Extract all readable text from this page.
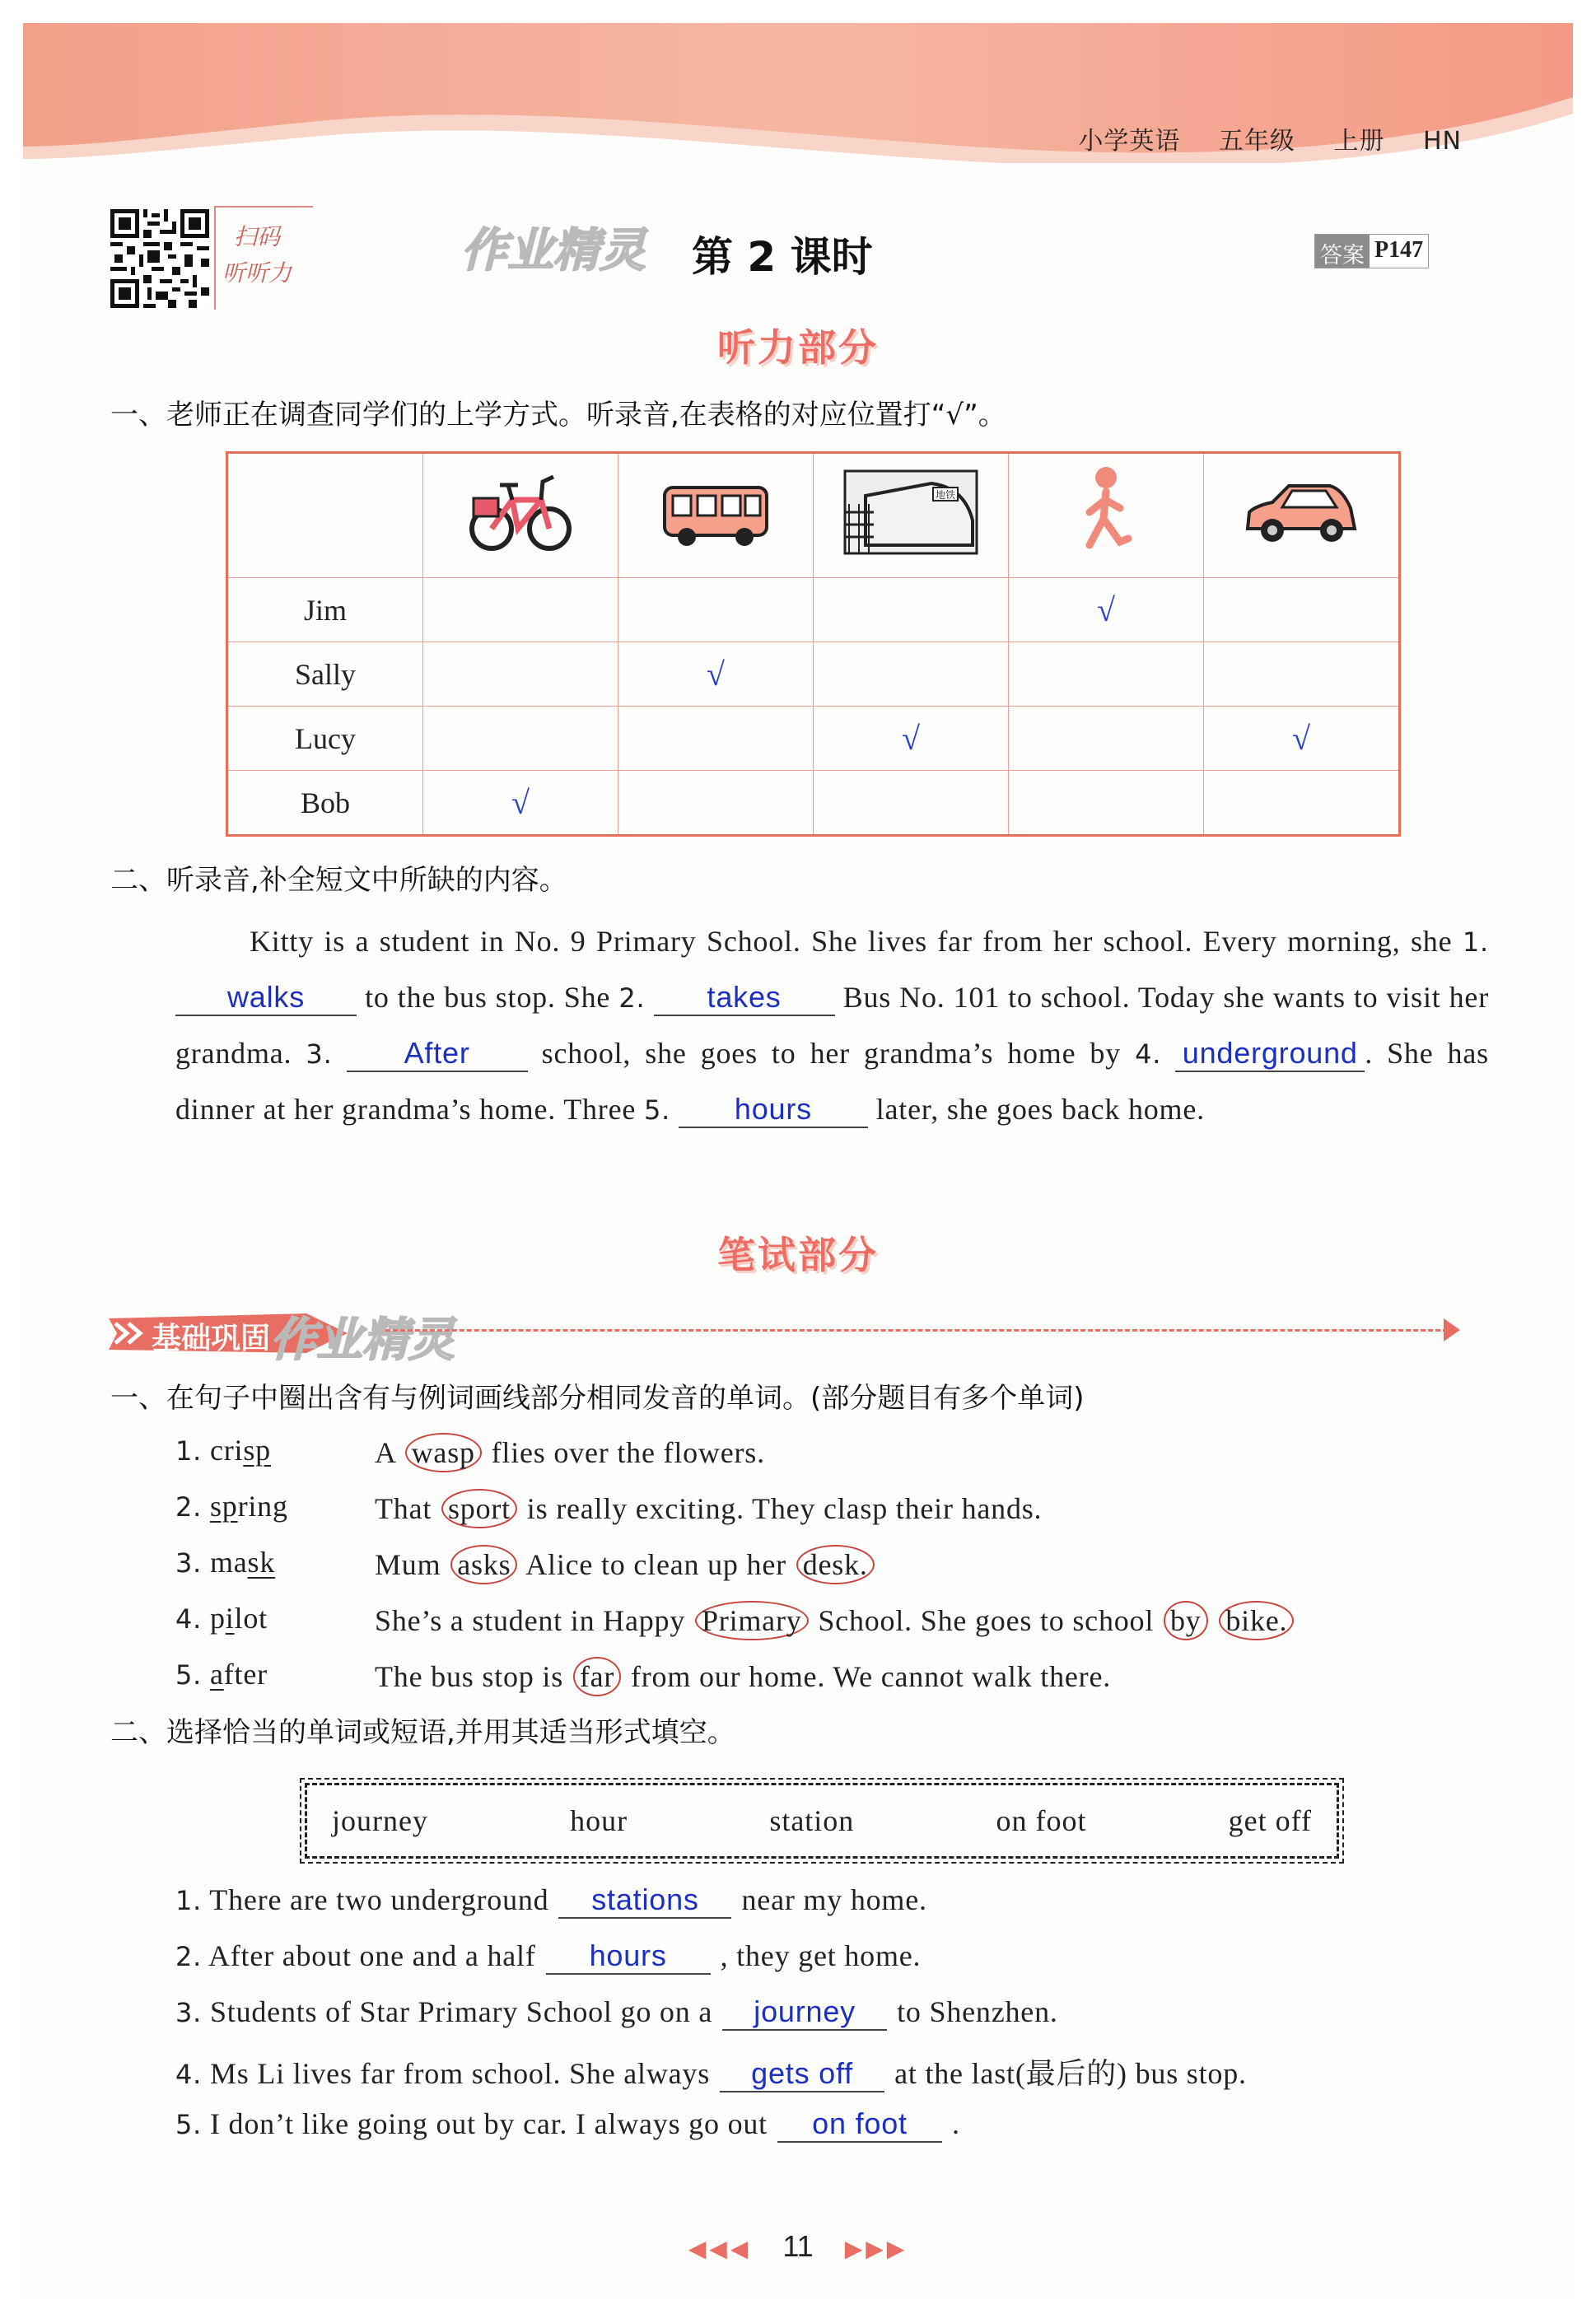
小学英语 五年级 上册 HN
扫码
听听力	作业精灵 第 2 课时	答案 P147
听力部分
一、老师正在调查同学们的上学方式。听录音,在表格的对应位置打“√”。

地铁

Jim				√	
Sally		√			
Lucy			√		√
Bob	√				
二、听录音,补全短文中所缺的内容。
Kitty is a student in No. 9 Primary School. She lives far from her school. Every morning, she 1. walks to the bus stop. She 2. takes Bus No. 101 to school. Today she wants to visit her grandma. 3. After school, she goes to her grandma’s home by 4. underground . She has dinner at her grandma’s home. Three 5. hours later, she goes back home.
笔试部分
基础巩固 作业精灵
一、在句子中圈出含有与例词画线部分相同发音的单词。(部分题目有多个单词)
1. crisp	A wasp flies over the flowers.
2. spring	That sport is really exciting. They clasp their hands.
3. mask	Mum asks Alice to clean up her desk.
4. pilot	She’s a student in Happy Primary School. She goes to school by bike.
5. after	The bus stop is far from our home. We cannot walk there.
二、选择恰当的单词或短语,并用其适当形式填空。
journey	hour	station	on foot	get off
1. There are two underground stations near my home.
2. After about one and a half hours , they get home.
3. Students of Star Primary School go on a journey to Shenzhen.
4. Ms Li lives far from school. She always gets off at the last(最后的) bus stop.
5. I don’t like going out by car. I always go out on foot .
◀◀◀ 11 ▶▶▶
